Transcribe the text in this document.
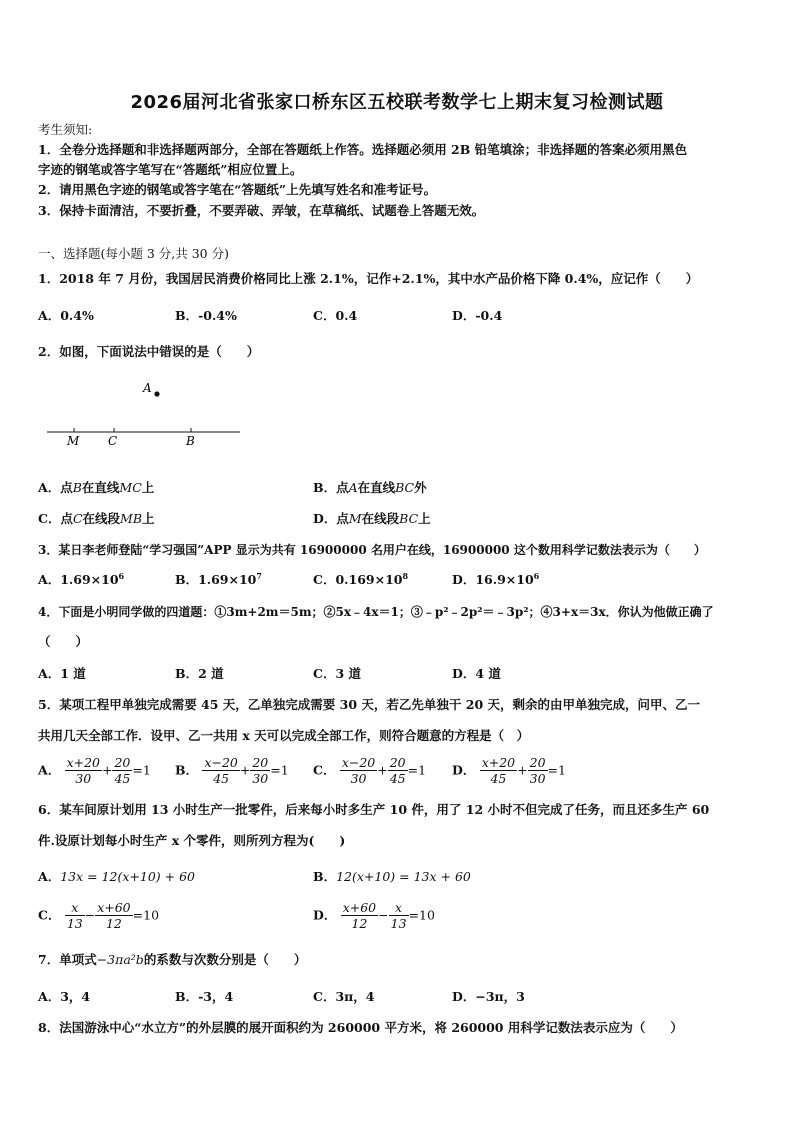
2026届河北省张家口桥东区五校联考数学七上期末复习检测试题
考生须知:
1．全卷分选择题和非选择题两部分，全部在答题纸上作答。选择题必须用 2B 铅笔填涂；非选择题的答案必须用黑色
字迹的钢笔或答字笔写在“答题纸”相应位置上。
2．请用黑色字迹的钢笔或答字笔在“答题纸”上先填写姓名和准考证号。
3．保持卡面清洁，不要折叠，不要弄破、弄皱，在草稿纸、试题卷上答题无效。
一、选择题(每小题 3 分,共 30 分)
1．2018 年 7 月份，我国居民消费价格同比上涨 2.1%，记作+2.1%，其中水产品价格下降 0.4%，应记作（　　）
A．0.4%	B．-0.4%	C．0.4	D．-0.4
2．如图，下面说法中错误的是（　　）
A
M C	B
A．点B在直线MC上	B．点A在直线BC外
C．点C在线段MB上	D．点M在线段BC上
3．某日李老师登陆“学习强国”APP 显示为共有 16900000 名用户在线，16900000 这个数用科学记数法表示为（　　）
A．$1.69\times 10^6$	B．$1.69\times 10^7$	C．$0.169\times 10^8$	D．$16.9\times 10^6$
4．下面是小明同学做的四道题：①3m+2m＝5m；②5x﹣4x＝1；③﹣p²﹣2p²＝﹣3p²；④3+x＝3x．你认为他做正确了
（　　）
A．1 道	B．2 道	C．3 道	D．4 道
5．某项工程甲单独完成需要 45 天，乙单独完成需要 30 天，若乙先单独干 20 天，剩余的由甲单独完成，问甲、乙一
共用几天全部工作．设甲、乙一共用 x 天可以完成全部工作，则符合题意的方程是（　）
A． $\frac{x+20}{30} + \frac{20}{45} =1$ B． $\frac{x-20}{45} + \frac{20}{30} =1$ C． $\frac{x-20}{30} + \frac{20}{45} =1$ D． $\frac{x+20}{45} + \frac{20}{30} =1$
6．某车间原计划用 13 小时生产一批零件，后来每小时多生产 10 件，用了 12 小时不但完成了任务，而且还多生产 60
件.设原计划每小时生产 x 个零件，则所列方程为(　　)
A．13x = 12(x+10) + 60	B．12(x+10) = 13x + 60
C． $\frac{x}{13} - \frac{x+60}{12} =10$	D． $\frac{x+60}{12} - \frac{x}{13} =10$
7．单项式−3πa²b的系数与次数分别是（　　）
A．3，4	B．-3，4	C．3π，4	D．−3π，3
8．法国游泳中心“水立方”的外层膜的展开面积约为 260000 平方米，将 260000 用科学记数法表示应为（　　）
